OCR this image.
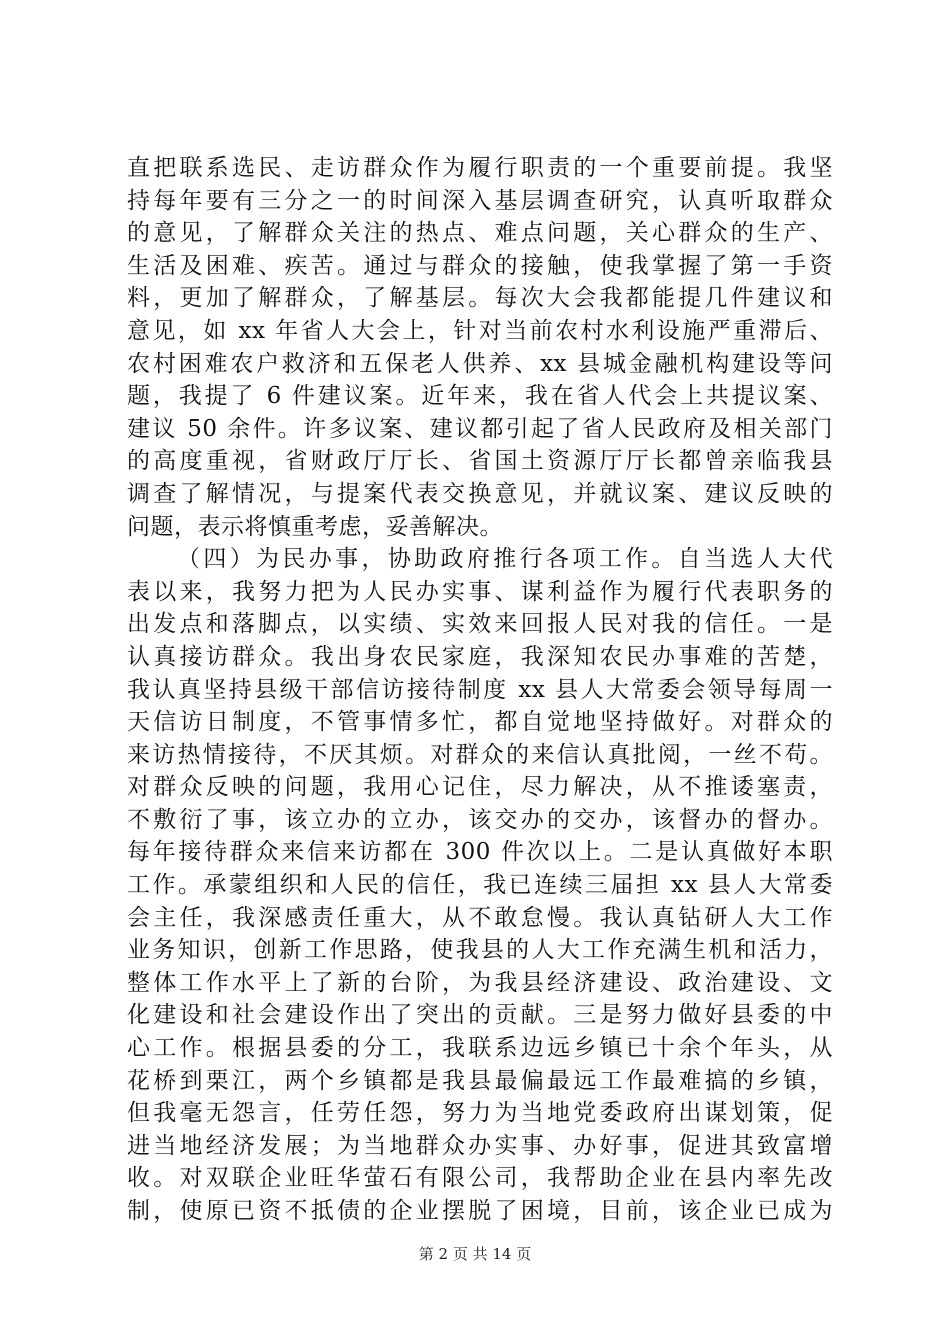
直把联系选民、走访群众作为履行职责的一个重要前提。我坚
持每年要有三分之一的时间深入基层调查研究，认真听取群众
的意见，了解群众关注的热点、难点问题，关心群众的生产、
生活及困难、疾苦。通过与群众的接触，使我掌握了第一手资
料，更加了解群众，了解基层。每次大会我都能提几件建议和
意见，如 xx 年省人大会上，针对当前农村水利设施严重滞后、
农村困难农户救济和五保老人供养、xx 县城金融机构建设等问
题，我提了 6 件建议案。近年来，我在省人代会上共提议案、
建议 50 余件。许多议案、建议都引起了省人民政府及相关部门
的高度重视，省财政厅厅长、省国土资源厅厅长都曾亲临我县
调查了解情况，与提案代表交换意见，并就议案、建议反映的
问题，表示将慎重考虑，妥善解决。
（四）为民办事，协助政府推行各项工作。自当选人大代
表以来，我努力把为人民办实事、谋利益作为履行代表职务的
出发点和落脚点，以实绩、实效来回报人民对我的信任。一是
认真接访群众。我出身农民家庭，我深知农民办事难的苦楚，
我认真坚持县级干部信访接待制度 xx 县人大常委会领导每周一
天信访日制度，不管事情多忙，都自觉地坚持做好。对群众的
来访热情接待，不厌其烦。对群众的来信认真批阅，一丝不苟。
对群众反映的问题，我用心记住，尽力解决，从不推诿塞责，
不敷衍了事，该立办的立办，该交办的交办，该督办的督办。
每年接待群众来信来访都在 300 件次以上。二是认真做好本职
工作。承蒙组织和人民的信任，我已连续三届担 xx 县人大常委
会主任，我深感责任重大，从不敢怠慢。我认真钻研人大工作
业务知识，创新工作思路，使我县的人大工作充满生机和活力，
整体工作水平上了新的台阶，为我县经济建设、政治建设、文
化建设和社会建设作出了突出的贡献。三是努力做好县委的中
心工作。根据县委的分工，我联系边远乡镇已十余个年头，从
花桥到栗江，两个乡镇都是我县最偏最远工作最难搞的乡镇，
但我毫无怨言，任劳任怨，努力为当地党委政府出谋划策，促
进当地经济发展；为当地群众办实事、办好事，促进其致富增
收。对双联企业旺华萤石有限公司，我帮助企业在县内率先改
制，使原已资不抵债的企业摆脱了困境，目前，该企业已成为
第 2 页 共 14 页
